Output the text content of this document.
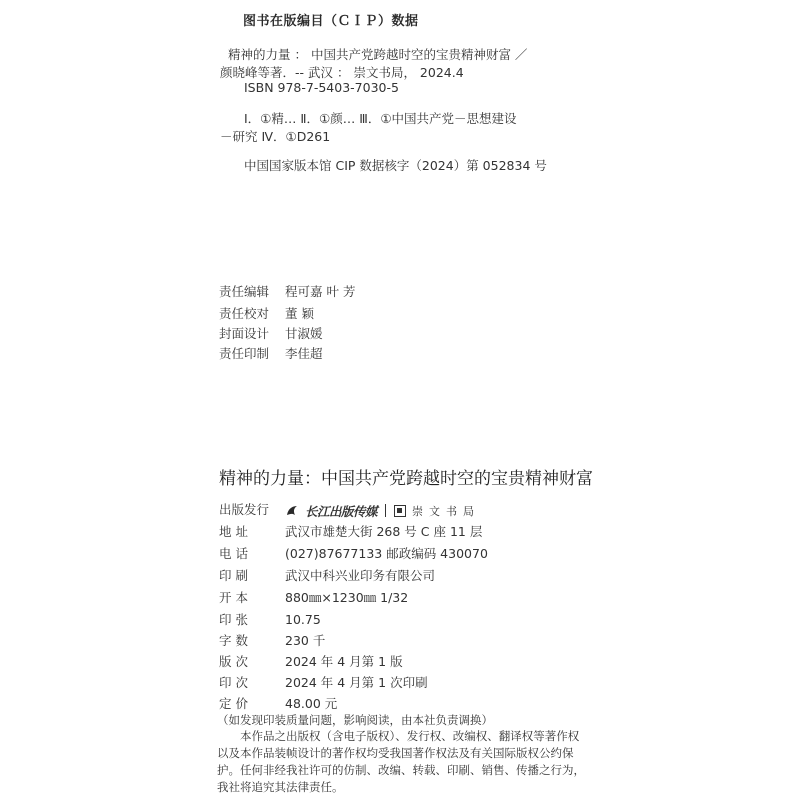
图书在版编目（ＣＩＰ）数据
精神的力量 ： 中国共产党跨越时空的宝贵精神财富 ／
颜晓峰等著．-- 武汉 ： 崇文书局， 2024.4
ISBN 978-7-5403-7030-5
Ⅰ．①精… Ⅱ．①颜… Ⅲ．①中国共产党－思想建设
－研究 Ⅳ．①D261
中国国家版本馆 CIP 数据核字（2024）第 052834 号
责任编辑 程可嘉 叶 芳
责任校对 董 颖
封面设计 甘淑媛
责任印制 李佳超
精神的力量：中国共产党跨越时空的宝贵精神财富
出版发行	长江出版传媒	崇文书局
地 址	武汉市雄楚大街 268 号 C 座 11 层
电 话	(027)87677133 邮政编码 430070
印 刷	武汉中科兴业印务有限公司
开 本	880㎜×1230㎜ 1/32
印 张	10.75
字 数	230 千
版 次	2024 年 4 月第 1 版
印 次	2024 年 4 月第 1 次印刷
定 价	48.00 元
（如发现印装质量问题，影响阅读，由本社负责调换）
本作品之出版权（含电子版权）、发行权、改编权、翻译权等著作权以及本作品装帧设计的著作权均受我国著作权法及有关国际版权公约保护。任何非经我社许可的仿制、改编、转载、印刷、销售、传播之行为，我社将追究其法律责任。
